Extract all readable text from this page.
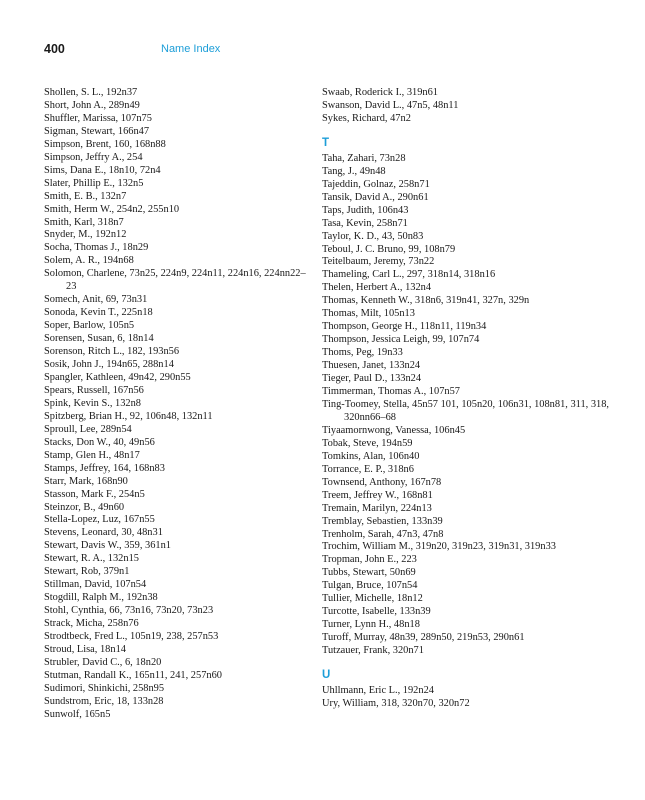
400	Name Index
Shollen, S. L., 192n37
Short, John A., 289n49
Shuffler, Marissa, 107n75
Sigman, Stewart, 166n47
Simpson, Brent, 160, 168n88
Simpson, Jeffry A., 254
Sims, Dana E., 18n10, 72n4
Slater, Phillip E., 132n5
Smith, E. B., 132n7
Smith, Herm W., 254n2, 255n10
Smith, Karl, 318n7
Snyder, M., 192n12
Socha, Thomas J., 18n29
Solem, A. R., 194n68
Solomon, Charlene, 73n25, 224n9, 224n11, 224n16, 224nn22–23
Somech, Anit, 69, 73n31
Sonoda, Kevin T., 225n18
Soper, Barlow, 105n5
Sorensen, Susan, 6, 18n14
Sorenson, Ritch L., 182, 193n56
Sosik, John J., 194n65, 288n14
Spangler, Kathleen, 49n42, 290n55
Spears, Russell, 167n56
Spink, Kevin S., 132n8
Spitzberg, Brian H., 92, 106n48, 132n11
Sproull, Lee, 289n54
Stacks, Don W., 40, 49n56
Stamp, Glen H., 48n17
Stamps, Jeffrey, 164, 168n83
Starr, Mark, 168n90
Stasson, Mark F., 254n5
Steinzor, B., 49n60
Stella-Lopez, Luz, 167n55
Stevens, Leonard, 30, 48n31
Stewart, Davis W., 359, 361n1
Stewart, R. A., 132n15
Stewart, Rob, 379n1
Stillman, David, 107n54
Stogdill, Ralph M., 192n38
Stohl, Cynthia, 66, 73n16, 73n20, 73n23
Strack, Micha, 258n76
Strodtbeck, Fred L., 105n19, 238, 257n53
Stroud, Lisa, 18n14
Strubler, David C., 6, 18n20
Stutman, Randall K., 165n11, 241, 257n60
Sudimori, Shinkichi, 258n95
Sundstrom, Eric, 18, 133n28
Sunwolf, 165n5
Swaab, Roderick I., 319n61
Swanson, David L., 47n5, 48n11
Sykes, Richard, 47n2
T
Taha, Zahari, 73n28
Tang, J., 49n48
Tajeddin, Golnaz, 258n71
Tansik, David A., 290n61
Taps, Judith, 106n43
Tasa, Kevin, 258n71
Taylor, K. D., 43, 50n83
Teboul, J. C. Bruno, 99, 108n79
Teitelbaum, Jeremy, 73n22
Thameling, Carl L., 297, 318n14, 318n16
Thelen, Herbert A., 132n4
Thomas, Kenneth W., 318n6, 319n41, 327n, 329n
Thomas, Milt, 105n13
Thompson, George H., 118n11, 119n34
Thompson, Jessica Leigh, 99, 107n74
Thoms, Peg, 19n33
Thuesen, Janet, 133n24
Tieger, Paul D., 133n24
Timmerman, Thomas A., 107n57
Ting-Toomey, Stella, 45n57 101, 105n20, 106n31, 108n81, 311, 318, 320nn66–68
Tiyaamornwong, Vanessa, 106n45
Tobak, Steve, 194n59
Tomkins, Alan, 106n40
Torrance, E. P., 318n6
Townsend, Anthony, 167n78
Treem, Jeffrey W., 168n81
Tremain, Marilyn, 224n13
Tremblay, Sebastien, 133n39
Trenholm, Sarah, 47n3, 47n8
Trochim, William M., 319n20, 319n23, 319n31, 319n33
Tropman, John E., 223
Tubbs, Stewart, 50n69
Tulgan, Bruce, 107n54
Tullier, Michelle, 18n12
Turcotte, Isabelle, 133n39
Turner, Lynn H., 48n18
Turoff, Murray, 48n39, 289n50, 219n53, 290n61
Tutzauer, Frank, 320n71
U
Uhllmann, Eric L., 192n24
Ury, William, 318, 320n70, 320n72
